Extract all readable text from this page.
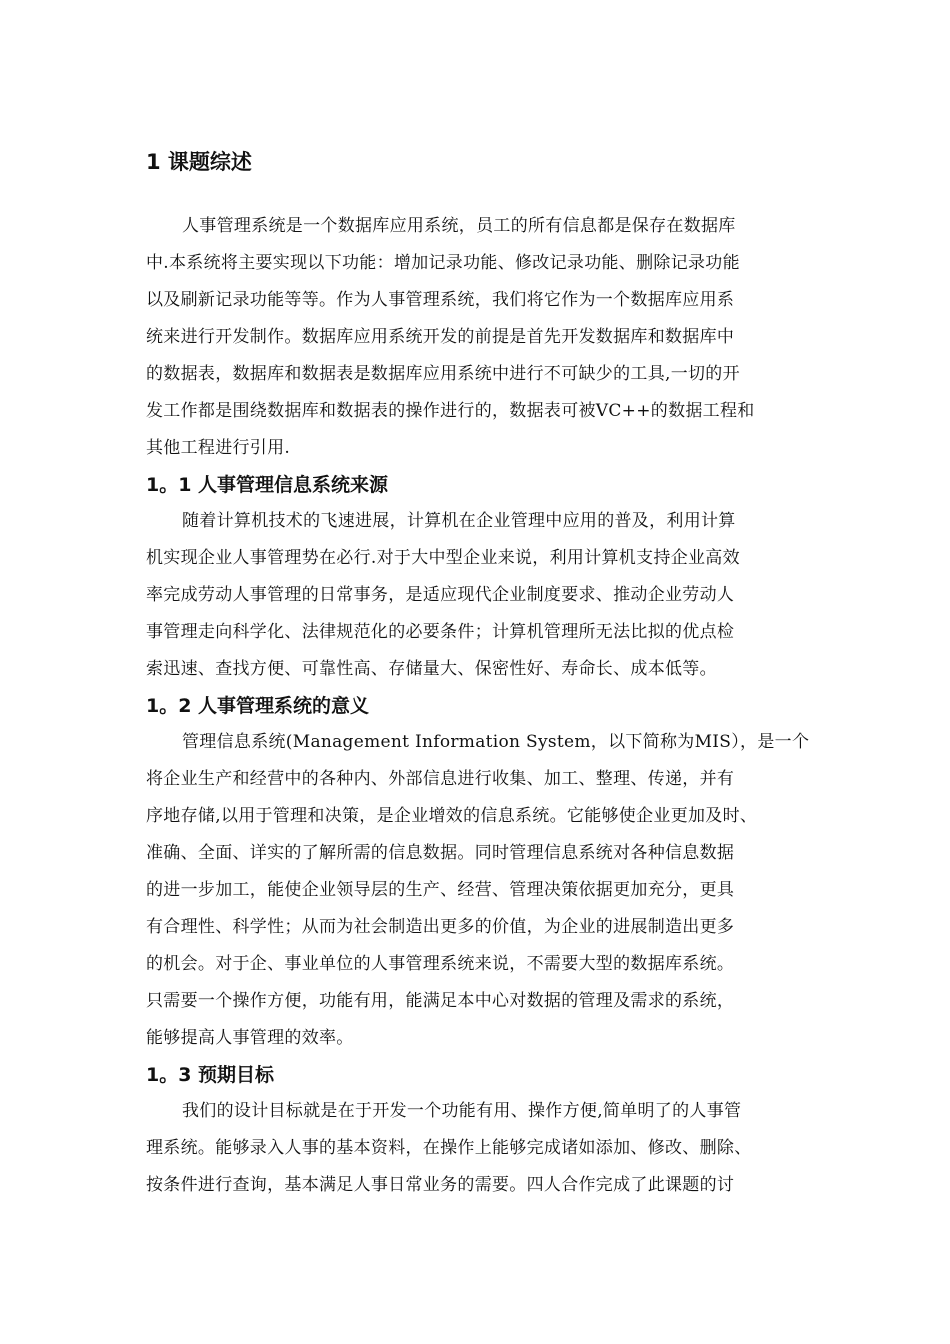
1 课题综述
人事管理系统是一个数据库应用系统，员工的所有信息都是保存在数据库
中.本系统将主要实现以下功能：增加记录功能、修改记录功能、删除记录功能
以及刷新记录功能等等。作为人事管理系统，我们将它作为一个数据库应用系
统来进行开发制作。数据库应用系统开发的前提是首先开发数据库和数据库中
的数据表，数据库和数据表是数据库应用系统中进行不可缺少的工具,一切的开
发工作都是围绕数据库和数据表的操作进行的，数据表可被VC++的数据工程和
其他工程进行引用.
1。1 人事管理信息系统来源
随着计算机技术的飞速进展，计算机在企业管理中应用的普及，利用计算
机实现企业人事管理势在必行.对于大中型企业来说，利用计算机支持企业高效
率完成劳动人事管理的日常事务，是适应现代企业制度要求、推动企业劳动人
事管理走向科学化、法律规范化的必要条件；计算机管理所无法比拟的优点检
索迅速、查找方便、可靠性高、存储量大、保密性好、寿命长、成本低等。
1。2 人事管理系统的意义
管理信息系统(Management Information System，以下简称为MIS），是一个
将企业生产和经营中的各种内、外部信息进行收集、加工、整理、传递，并有
序地存储,以用于管理和决策，是企业增效的信息系统。它能够使企业更加及时、
准确、全面、详实的了解所需的信息数据。同时管理信息系统对各种信息数据
的进一步加工，能使企业领导层的生产、经营、管理决策依据更加充分，更具
有合理性、科学性；从而为社会制造出更多的价值，为企业的进展制造出更多
的机会。对于企、事业单位的人事管理系统来说，不需要大型的数据库系统。
只需要一个操作方便，功能有用，能满足本中心对数据的管理及需求的系统，
能够提高人事管理的效率。
1。3 预期目标
我们的设计目标就是在于开发一个功能有用、操作方便,简单明了的人事管
理系统。能够录入人事的基本资料，在操作上能够完成诸如添加、修改、删除、
按条件进行查询，基本满足人事日常业务的需要。四人合作完成了此课题的讨
